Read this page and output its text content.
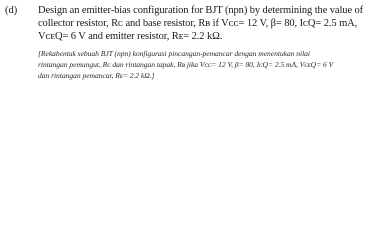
(d) Design an emitter-bias configuration for BJT (npn) by determining the value of
collector resistor, Rᴄ and base resistor, Rʙ if Vᴄᴄ= 12 V, β= 80, IᴄQ= 2.5 mA,
VᴄᴇQ= 6 V and emitter resistor, Rᴇ= 2.2 kΩ.
[Rekabentuk sebuah BJT (npn) konfigurasi pincangan-pemancar dengan menentukan nilai
rintangan pemungut, Rᴄ dan rintangan tapak, Rʙ jika Vᴄᴄ= 12 V, β= 80, IᴄQ= 2.5 mA, VᴄᴇQ= 6 V
dan rintangan pemancar, Rᴇ= 2.2 kΩ.]
